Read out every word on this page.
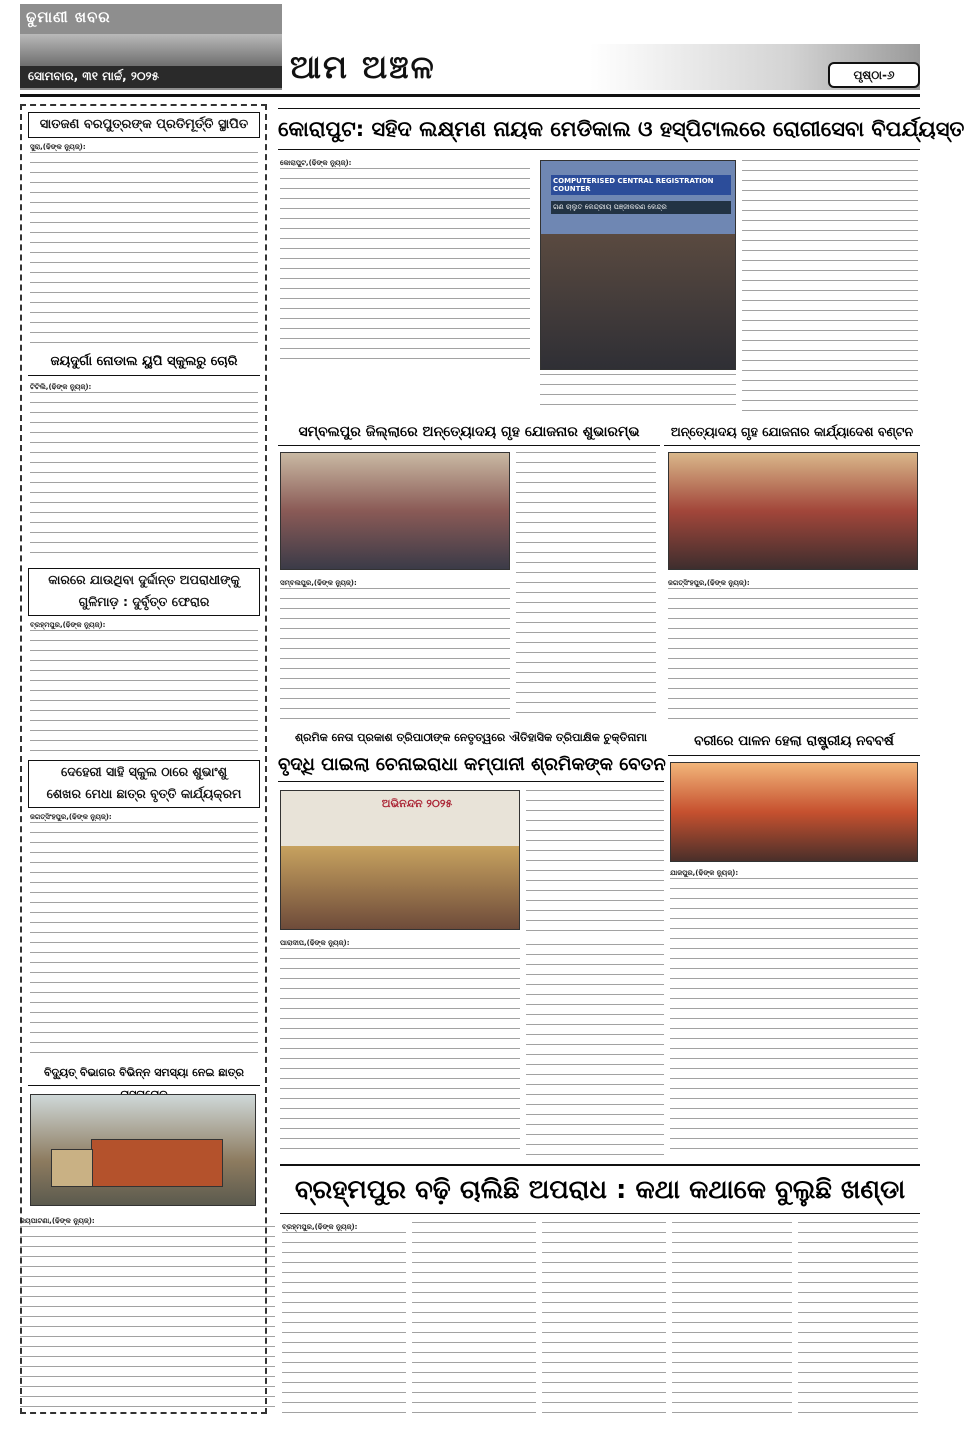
ଢୁମାଣୀ ଖବର
ସୋମବାର, ୩୧ ମାର୍ଚ୍ଚ, ୨୦୨୫	ଆମ ଅଞ୍ଚଳ	ପୃଷ୍ଠା-୬
ସାତଜଣ ବରପୁତ୍ରଙ୍କ ପ୍ରତିମୂର୍ତ୍ତି ସ୍ଥାପିତ
ସୁରା,(ଢିଙ୍କ ନ୍ୟୁଜ୍):
ଜୟଦୁର୍ଗା ନୋଡାଲ ୟୁପି ସ୍କୁଲରୁ ଚୋରି
ଟିଟିଲି,(ଢିଙ୍କ ନ୍ୟୁଜ୍):
କାରରେ ଯାଉଥିବା ଦୁର୍ଦ୍ଦାନ୍ତ ଅପରାଧୀଙ୍କୁ
ଗୁଳିମାଡ଼ : ଦୁର୍ବୃତ୍ତ ଫେରାର
ବ୍ରହ୍ମପୁର,(ଢିଙ୍କ ନ୍ୟୁଜ୍):
ଦେହେରୀ ସାହି ସ୍କୁଲ ଠାରେ ଶୁଭାଂଶୁ
ଶେଖର ମେଧା ଛାତ୍ର ବୃତ୍ତି କାର୍ଯ୍ୟକ୍ରମ
ଜଗତ୍ସିଂହପୁର,(ଢିଙ୍କ ନ୍ୟୁଜ୍):
ବିଦ୍ୟୁତ୍ ବିଭାଗର ବିଭିନ୍ନ ସମସ୍ୟା ନେଇ ଛାତ୍ର
ଜୟପାଟଣା,(ଢିଙ୍କ ନ୍ୟୁଜ୍):
କୋରାପୁଟ: ସହିଦ ଲକ୍ଷ୍ମଣ ନାୟକ ମେଡିକାଲ ଓ ହସ୍ପିଟାଲରେ ରୋଗୀସେବା ବିପର୍ଯ୍ୟସ୍ତ
କୋରାପୁଟ,(ଢିଙ୍କ ନ୍ୟୁଜ୍):
COMPUTERISED CENTRAL REGISTRATION COUNTER
ଗଣ ଚାଲୁତ କେନ୍ଦ୍ରୀୟ ପଞ୍ଜୀକରଣ କେନ୍ଦ୍ର
ସମ୍ବଲପୁର ଜିଲ୍ଲାରେ ଅନ୍ତ୍ୟୋଦୟ ଗୃହ ଯୋଜନାର ଶୁଭାରମ୍ଭ
ସମ୍ବଲପୁର,(ଢିଙ୍କ ନ୍ୟୁଜ୍):
ଅନ୍ତ୍ୟୋଦୟ ଗୃହ ଯୋଜନାର କାର୍ଯ୍ୟାଦେଶ ବଣ୍ଟନ
ଜଗତ୍ସିଂହପୁର,(ଢିଙ୍କ ନ୍ୟୁଜ୍):
ଶ୍ରମିକ ନେତା ପ୍ରକାଶ ତ୍ରିପାଠୀଙ୍କ ନେତୃତ୍ୱରେ ଐତିହାସିକ ତ୍ରିପାକ୍ଷିକ ଚୁକ୍ତିନାମା
ବୃଦ୍ଧି ପାଇଲା ଚେନାଇରାଧା କମ୍ପାନୀ ଶ୍ରମିକଙ୍କ ବେତନ
ଅଭିନନ୍ଦନ ୨୦୨୫
ପାରାଦୀପ,(ଢିଙ୍କ ନ୍ୟୁଜ୍):
ବରୀରେ ପାଳନ ହେଲା ରାଷ୍ଟ୍ରୀୟ ନବବର୍ଷ
ଯାଜପୁର,(ଢିଙ୍କ ନ୍ୟୁଜ୍):
ବ୍ରହ୍ମପୁର ବଢ଼ି ଚାଲିଛି ଅପରାଧ : କଥା କଥାକେ ବୁଲୁଛି ଖଣ୍ଡା
ବ୍ରହ୍ମପୁର,(ଢିଙ୍କ ନ୍ୟୁଜ୍):
